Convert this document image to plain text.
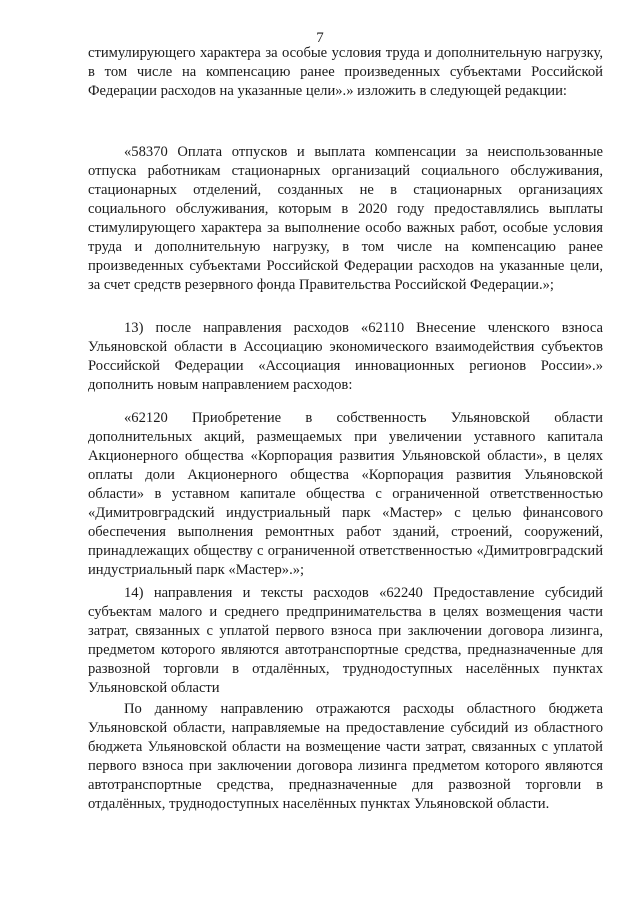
7

стимулирующего характера за особые условия труда и дополнительную нагрузку, в том числе на компенсацию ранее произведенных субъектами Российской Федерации расходов на указанные цели».» изложить в следующей редакции:

«58370 Оплата отпусков и выплата компенсации за неиспользованные отпуска работникам стационарных организаций социального обслуживания, стационарных отделений, созданных не в стационарных организациях социального обслуживания, которым в 2020 году предоставлялись выплаты стимулирующего характера за выполнение особо важных работ, особые условия труда и дополнительную нагрузку, в том числе на компенсацию ранее произведенных субъектами Российской Федерации расходов на указанные цели, за счет средств резервного фонда Правительства Российской Федерации.»;

13) после направления расходов «62110 Внесение членского взноса Ульяновской области в Ассоциацию экономического взаимодействия субъектов Российской Федерации «Ассоциация инновационных регионов России».» дополнить новым направлением расходов:

«62120 Приобретение в собственность Ульяновской области дополнительных акций, размещаемых при увеличении уставного капитала Акционерного общества «Корпорация развития Ульяновской области», в целях оплаты доли Акционерного общества «Корпорация развития Ульяновской области» в уставном капитале общества с ограниченной ответственностью «Димитровградский индустриальный парк «Мастер» с целью финансового обеспечения выполнения ремонтных работ зданий, строений, сооружений, принадлежащих обществу с ограниченной ответственностью «Димитровградский индустриальный парк «Мастер».»;

14) направления и тексты расходов «62240 Предоставление субсидий субъектам малого и среднего предпринимательства в целях возмещения части затрат, связанных с уплатой первого взноса при заключении договора лизинга, предметом которого являются автотранспортные средства, предназначенные для развозной торговли в отдалённых, труднодоступных населённых пунктах Ульяновской области

По данному направлению отражаются расходы областного бюджета Ульяновской области, направляемые на предоставление субсидий из областного бюджета Ульяновской области на возмещение части затрат, связанных с уплатой первого взноса при заключении договора лизинга предметом которого являются автотранспортные средства, предназначенные для развозной торговли в отдалённых, труднодоступных населённых пунктах Ульяновской области.
